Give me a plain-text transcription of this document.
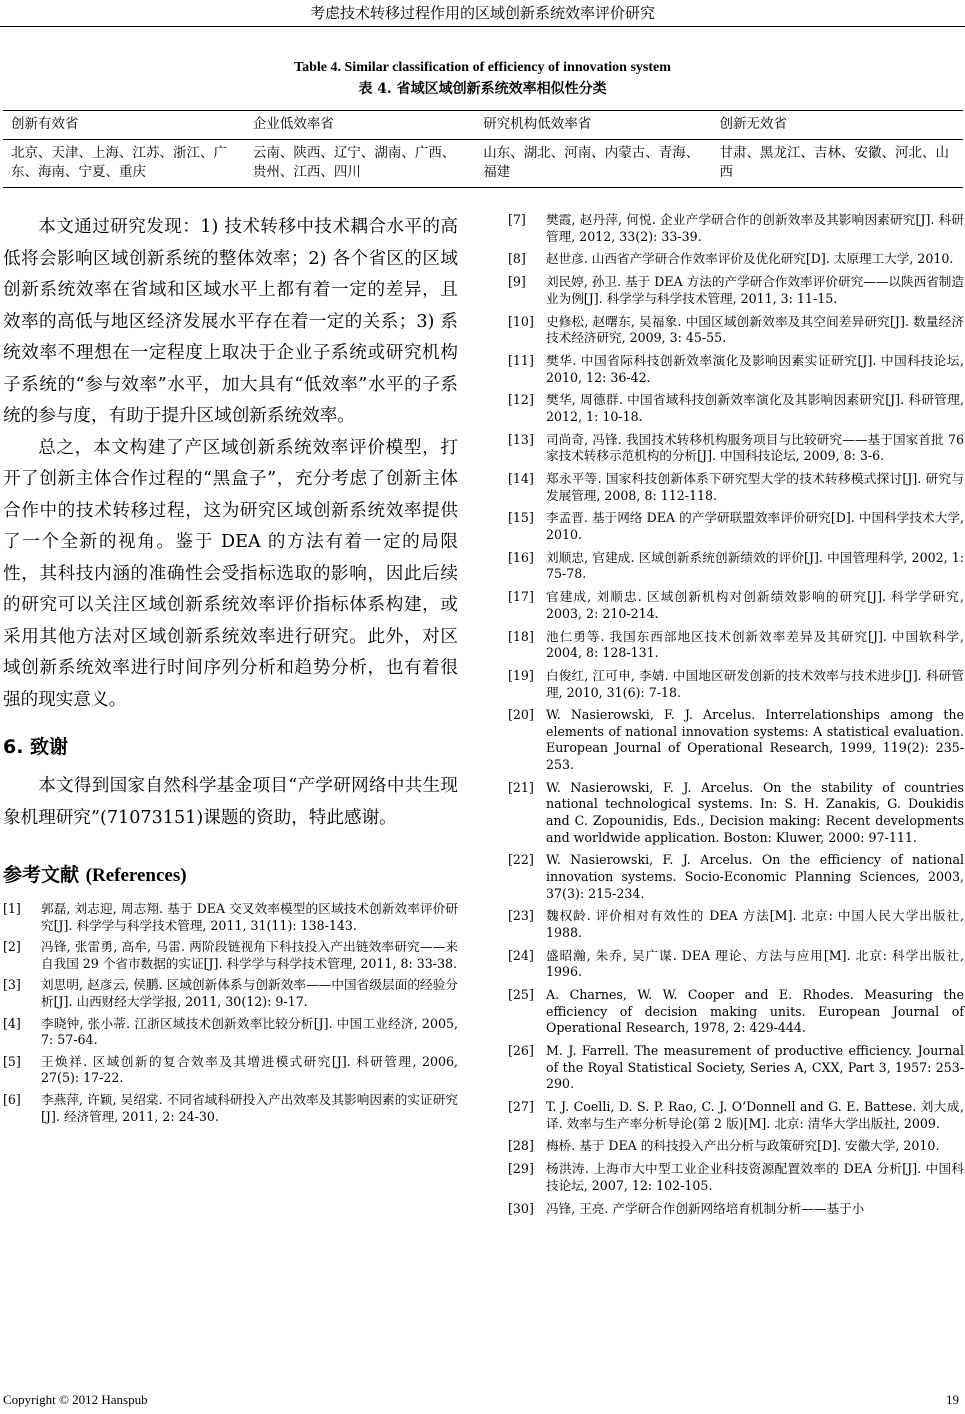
考虑技术转移过程作用的区域创新系统效率评价研究
Table 4. Similar classification of efficiency of innovation system
表 4. 省域区域创新系统效率相似性分类
创新有效省	企业低效率省	研究机构低效率省	创新无效省
北京、天津、上海、江苏、浙江、广东、海南、宁夏、重庆	云南、陕西、辽宁、湖南、广西、贵州、江西、四川	山东、湖北、河南、内蒙古、青海、福建	甘肃、黑龙江、吉林、安徽、河北、山西

本文通过研究发现：1) 技术转移中技术耦合水平的高低将会影响区域创新系统的整体效率；2) 各个省区的区域创新系统效率在省域和区域水平上都有着一定的差异，且效率的高低与地区经济发展水平存在着一定的关系；3) 系统效率不理想在一定程度上取决于企业子系统或研究机构子系统的“参与效率”水平，加大具有“低效率”水平的子系统的参与度，有助于提升区域创新系统效率。

总之，本文构建了产区域创新系统效率评价模型，打开了创新主体合作过程的“黑盒子”，充分考虑了创新主体合作中的技术转移过程，这为研究区域创新系统效率提供了一个全新的视角。鉴于 DEA 的方法有着一定的局限性，其科技内涵的准确性会受指标选取的影响，因此后续的研究可以关注区域创新系统效率评价指标体系构建，或采用其他方法对区域创新系统效率进行研究。此外，对区域创新系统效率进行时间序列分析和趋势分析，也有着很强的现实意义。

6. 致谢

本文得到国家自然科学基金项目“产学研网络中共生现象机理研究”(71073151)课题的资助，特此感谢。

参考文献 (References)
[1] 郭磊, 刘志迎, 周志翔. 基于 DEA 交叉效率模型的区域技术创新效率评价研究[J]. 科学学与科学技术管理, 2011, 31(11): 138-143.
[2] 冯锋, 张雷勇, 高牟, 马雷. 两阶段链视角下科技投入产出链效率研究——来自我国 29 个省市数据的实证[J]. 科学学与科学技术管理, 2011, 8: 33-38.
[3] 刘思明, 赵彦云, 侯鹏. 区域创新体系与创新效率——中国省级层面的经验分析[J]. 山西财经大学学报, 2011, 30(12): 9-17.
[4] 李晓钟, 张小蒂. 江浙区域技术创新效率比较分析[J]. 中国工业经济, 2005, 7: 57-64.
[5] 王焕祥. 区域创新的复合效率及其增进模式研究[J]. 科研管理, 2006, 27(5): 17-22.
[6] 李燕萍, 许颖, 吴绍棠. 不同省域科研投入产出效率及其影响因素的实证研究[J]. 经济管理, 2011, 2: 24-30.
[7] 樊霞, 赵丹萍, 何悦. 企业产学研合作的创新效率及其影响因素研究[J]. 科研管理, 2012, 33(2): 33-39.
[8] 赵世彦. 山西省产学研合作效率评价及优化研究[D]. 太原理工大学, 2010.
[9] 刘民婷, 孙卫. 基于 DEA 方法的产学研合作效率评价研究——以陕西省制造业为例[J]. 科学学与科学技术管理, 2011, 3: 11-15.
[10] 史修松, 赵曙东, 吴福象. 中国区域创新效率及其空间差异研究[J]. 数量经济技术经济研究, 2009, 3: 45-55.
[11] 樊华. 中国省际科技创新效率演化及影响因素实证研究[J]. 中国科技论坛, 2010, 12: 36-42.
[12] 樊华, 周德群. 中国省域科技创新效率演化及其影响因素研究[J]. 科研管理, 2012, 1: 10-18.
[13] 司尚奇, 冯锋. 我国技术转移机构服务项目与比较研究——基于国家首批 76 家技术转移示范机构的分析[J]. 中国科技论坛, 2009, 8: 3-6.
[14] 郑永平等. 国家科技创新体系下研究型大学的技术转移模式探讨[J]. 研究与发展管理, 2008, 8: 112-118.
[15] 李孟晋. 基于网络 DEA 的产学研联盟效率评价研究[D]. 中国科学技术大学, 2010.
[16] 刘顺忠, 官建成. 区域创新系统创新绩效的评价[J]. 中国管理科学, 2002, 1: 75-78.
[17] 官建成, 刘顺忠. 区域创新机构对创新绩效影响的研究[J]. 科学学研究, 2003, 2: 210-214.
[18] 池仁勇等. 我国东西部地区技术创新效率差异及其研究[J]. 中国软科学, 2004, 8: 128-131.
[19] 白俊红, 江可申, 李婧. 中国地区研发创新的技术效率与技术进步[J]. 科研管理, 2010, 31(6): 7-18.
[20] W. Nasierowski, F. J. Arcelus. Interrelationships among the elements of national innovation systems: A statistical evaluation. European Journal of Operational Research, 1999, 119(2): 235-253.
[21] W. Nasierowski, F. J. Arcelus. On the stability of countries national technological systems. In: S. H. Zanakis, G. Doukidis and C. Zopounidis, Eds., Decision making: Recent developments and worldwide application. Boston: Kluwer, 2000: 97-111.
[22] W. Nasierowski, F. J. Arcelus. On the efficiency of national innovation systems. Socio-Economic Planning Sciences, 2003, 37(3): 215-234.
[23] 魏权龄. 评价相对有效性的 DEA 方法[M]. 北京: 中国人民大学出版社, 1988.
[24] 盛昭瀚, 朱乔, 吴广谋. DEA 理论、方法与应用[M]. 北京: 科学出版社, 1996.
[25] A. Charnes, W. W. Cooper and E. Rhodes. Measuring the efficiency of decision making units. European Journal of Operational Research, 1978, 2: 429-444.
[26] M. J. Farrell. The measurement of productive efficiency. Journal of the Royal Statistical Society, Series A, CXX, Part 3, 1957: 253-290.
[27] T. J. Coelli, D. S. P. Rao, C. J. O’Donnell and G. E. Battese. 刘大成, 译. 效率与生产率分析导论(第 2 版)[M]. 北京: 清华大学出版社, 2009.
[28] 梅桥. 基于 DEA 的科技投入产出分析与政策研究[D]. 安徽大学, 2010.
[29] 杨洪涛. 上海市大中型工业企业科技资源配置效率的 DEA 分析[J]. 中国科技论坛, 2007, 12: 102-105.
[30] 冯锋, 王亮. 产学研合作创新网络培育机制分析——基于小
Copyright © 2012 Hanspub	19
